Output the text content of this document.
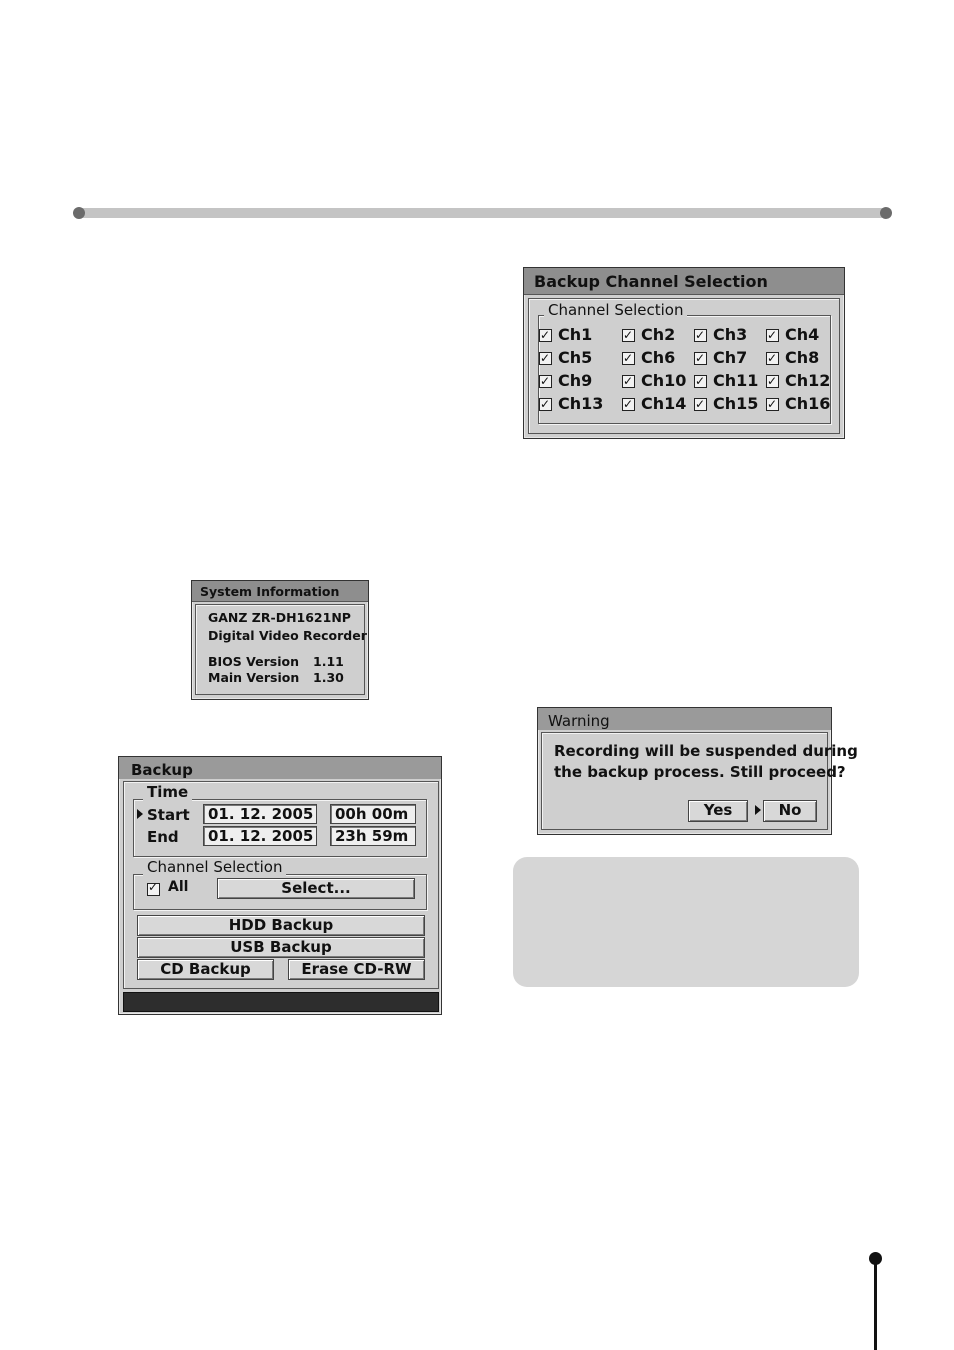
Backup Channel Selection
Channel Selection
✓Ch1 ✓	Ch2 ✓	Ch3 ✓	Ch4
✓Ch5 ✓	Ch6 ✓	Ch7 ✓	Ch8
✓Ch9 ✓	Ch10 ✓	Ch11 ✓	Ch12
✓Ch13 ✓	Ch14 ✓	Ch15 ✓	Ch16
System Information
GANZ ZR-DH1621NP
Digital Video Recorder
BIOS Version 1.11
Main Version 1.30
Backup
Time
Start	01. 12. 2005	00h 00m
End	01. 12. 2005	23h 59m
Channel Selection
✓
All	Select...
HDD Backup
USB Backup
CD Backup	Erase CD-RW
Warning
Recording will be suspended during
the backup process. Still proceed?
Yes	No
